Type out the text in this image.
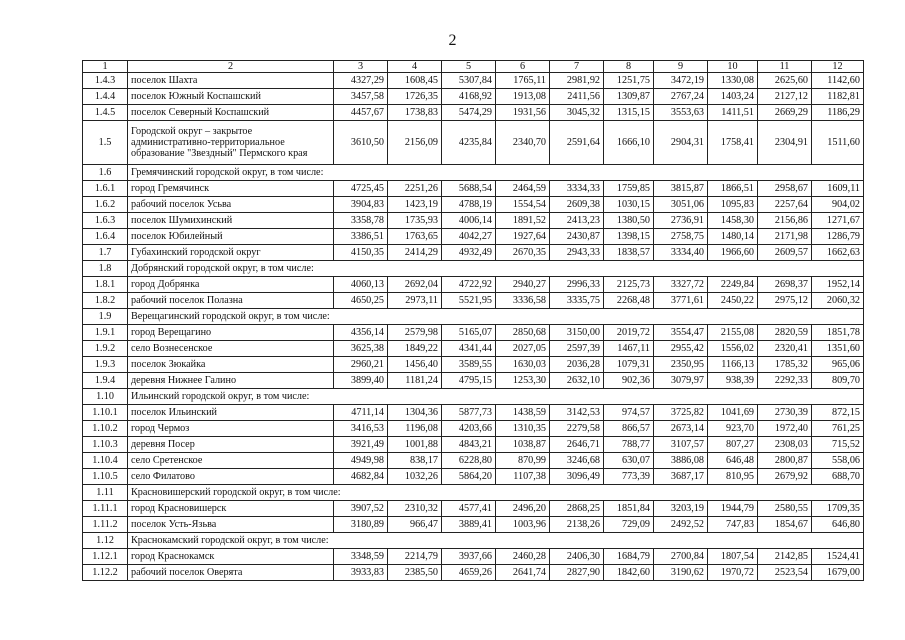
2
1	2	3	4	5	6	7	8	9	10	11	12
1.4.3	поселок Шахта	4327,29	1608,45	5307,84	1765,11	2981,92	1251,75	3472,19	1330,08	2625,60	1142,60
1.4.4	поселок Южный Коспашский	3457,58	1726,35	4168,92	1913,08	2411,56	1309,87	2767,24	1403,24	2127,12	1182,81
1.4.5	поселок Северный Коспашский	4457,67	1738,83	5474,29	1931,56	3045,32	1315,15	3553,63	1411,51	2669,29	1186,29
1.5	Городской округ – закрытое административно-территориальное образование "Звездный" Пермского края	3610,50	2156,09	4235,84	2340,70	2591,64	1666,10	2904,31	1758,41	2304,91	1511,60
1.6	Гремячинский городской округ, в том числе:										
1.6.1	город Гремячинск	4725,45	2251,26	5688,54	2464,59	3334,33	1759,85	3815,87	1866,51	2958,67	1609,11
1.6.2	рабочий поселок Усьва	3904,83	1423,19	4788,19	1554,54	2609,38	1030,15	3051,06	1095,83	2257,64	904,02
1.6.3	поселок Шумихинский	3358,78	1735,93	4006,14	1891,52	2413,23	1380,50	2736,91	1458,30	2156,86	1271,67
1.6.4	поселок Юбилейный	3386,51	1763,65	4042,27	1927,64	2430,87	1398,15	2758,75	1480,14	2171,98	1286,79
1.7	Губахинский городской округ	4150,35	2414,29	4932,49	2670,35	2943,33	1838,57	3334,40	1966,60	2609,57	1662,63
1.8	Добрянский городской округ, в том числе:										
1.8.1	город Добрянка	4060,13	2692,04	4722,92	2940,27	2996,33	2125,73	3327,72	2249,84	2698,37	1952,14
1.8.2	рабочий поселок Полазна	4650,25	2973,11	5521,95	3336,58	3335,75	2268,48	3771,61	2450,22	2975,12	2060,32
1.9	Верещагинский городской округ, в том числе:										
1.9.1	город Верещагино	4356,14	2579,98	5165,07	2850,68	3150,00	2019,72	3554,47	2155,08	2820,59	1851,78
1.9.2	село Вознесенское	3625,38	1849,22	4341,44	2027,05	2597,39	1467,11	2955,42	1556,02	2320,41	1351,60
1.9.3	поселок Зюкайка	2960,21	1456,40	3589,55	1630,03	2036,28	1079,31	2350,95	1166,13	1785,32	965,06
1.9.4	деревня Нижнее Галино	3899,40	1181,24	4795,15	1253,30	2632,10	902,36	3079,97	938,39	2292,33	809,70
1.10	Ильинский городской округ, в том числе:										
1.10.1	поселок Ильинский	4711,14	1304,36	5877,73	1438,59	3142,53	974,57	3725,82	1041,69	2730,39	872,15
1.10.2	город Чермоз	3416,53	1196,08	4203,66	1310,35	2279,58	866,57	2673,14	923,70	1972,40	761,25
1.10.3	деревня Посер	3921,49	1001,88	4843,21	1038,87	2646,71	788,77	3107,57	807,27	2308,03	715,52
1.10.4	село Сретенское	4949,98	838,17	6228,80	870,99	3246,68	630,07	3886,08	646,48	2800,87	558,06
1.10.5	село Филатово	4682,84	1032,26	5864,20	1107,38	3096,49	773,39	3687,17	810,95	2679,92	688,70
1.11	Красновишерский городской округ, в том числе:										
1.11.1	город Красновишерск	3907,52	2310,32	4577,41	2496,20	2868,25	1851,84	3203,19	1944,79	2580,55	1709,35
1.11.2	поселок Усть-Язьва	3180,89	966,47	3889,41	1003,96	2138,26	729,09	2492,52	747,83	1854,67	646,80
1.12	Краснокамский городской округ, в том числе:										
1.12.1	город Краснокамск	3348,59	2214,79	3937,66	2460,28	2406,30	1684,79	2700,84	1807,54	2142,85	1524,41
1.12.2	рабочий поселок Оверята	3933,83	2385,50	4659,26	2641,74	2827,90	1842,60	3190,62	1970,72	2523,54	1679,00
